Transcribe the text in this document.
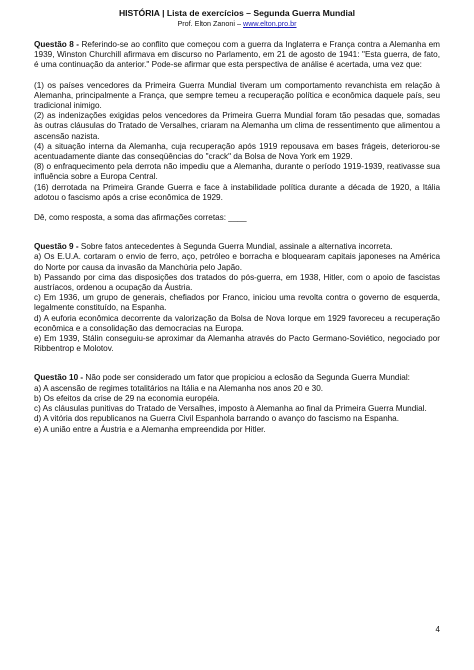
HISTÓRIA | Lista de exercícios – Segunda Guerra Mundial
Prof. Elton Zanoni – www.elton.pro.br

Questão 8 - Referindo-se ao conflito que começou com a guerra da Inglaterra e França contra a Alemanha em 1939, Winston Churchill afirmava em discurso no Parlamento, em 21 de agosto de 1941: "Esta guerra, de fato, é uma continuação da anterior." Pode-se afirmar que esta perspectiva de análise é acertada, uma vez que:

(1) os países vencedores da Primeira Guerra Mundial tiveram um comportamento revanchista em relação à Alemanha, principalmente a França, que sempre temeu a recuperação política e econômica daquele país, seu tradicional inimigo.

(2) as indenizações exigidas pelos vencedores da Primeira Guerra Mundial foram tão pesadas que, somadas às outras cláusulas do Tratado de Versalhes, criaram na Alemanha um clima de ressentimento que alimentou a ascensão nazista.

(4) a situação interna da Alemanha, cuja recuperação após 1919 repousava em bases frágeis, deteriorou-se acentuadamente diante das conseqüências do "crack" da Bolsa de Nova York em 1929.

(8) o enfraquecimento pela derrota não impediu que a Alemanha, durante o período 1919-1939, reativasse sua influência sobre a Europa Central.

(16) derrotada na Primeira Grande Guerra e face à instabilidade política durante a década de 1920, a Itália adotou o fascismo após a crise econômica de 1929.

Dê, como resposta, a soma das afirmações corretas: ____

Questão 9 - Sobre fatos antecedentes à Segunda Guerra Mundial, assinale a alternativa incorreta.

a) Os E.U.A. cortaram o envio de ferro, aço, petróleo e borracha e bloquearam capitais japoneses na América do Norte por causa da invasão da Manchúria pelo Japão.

b) Passando por cima das disposições dos tratados do pós-guerra, em 1938, Hitler, com o apoio de fascistas austríacos, ordenou a ocupação da Áustria.

c) Em 1936, um grupo de generais, chefiados por Franco, iniciou uma revolta contra o governo de esquerda, legalmente constituído, na Espanha.

d) A euforia econômica decorrente da valorização da Bolsa de Nova Iorque em 1929 favoreceu a recuperação econômica e a consolidação das democracias na Europa.

e) Em 1939, Stálin conseguiu-se aproximar da Alemanha através do Pacto Germano-Soviético, negociado por Ribbentrop e Molotov.

Questão 10 - Não pode ser considerado um fator que propiciou a eclosão da Segunda Guerra Mundial:

a) A ascensão de regimes totalitários na Itália e na Alemanha nos anos 20 e 30.

b) Os efeitos da crise de 29 na economia européia.

c) As cláusulas punitivas do Tratado de Versalhes, imposto à Alemanha ao final da Primeira Guerra Mundial.

d) A vitória dos republicanos na Guerra Civil Espanhola barrando o avanço do fascismo na Espanha.

e) A união entre a Áustria e a Alemanha empreendida por Hitler.

4
